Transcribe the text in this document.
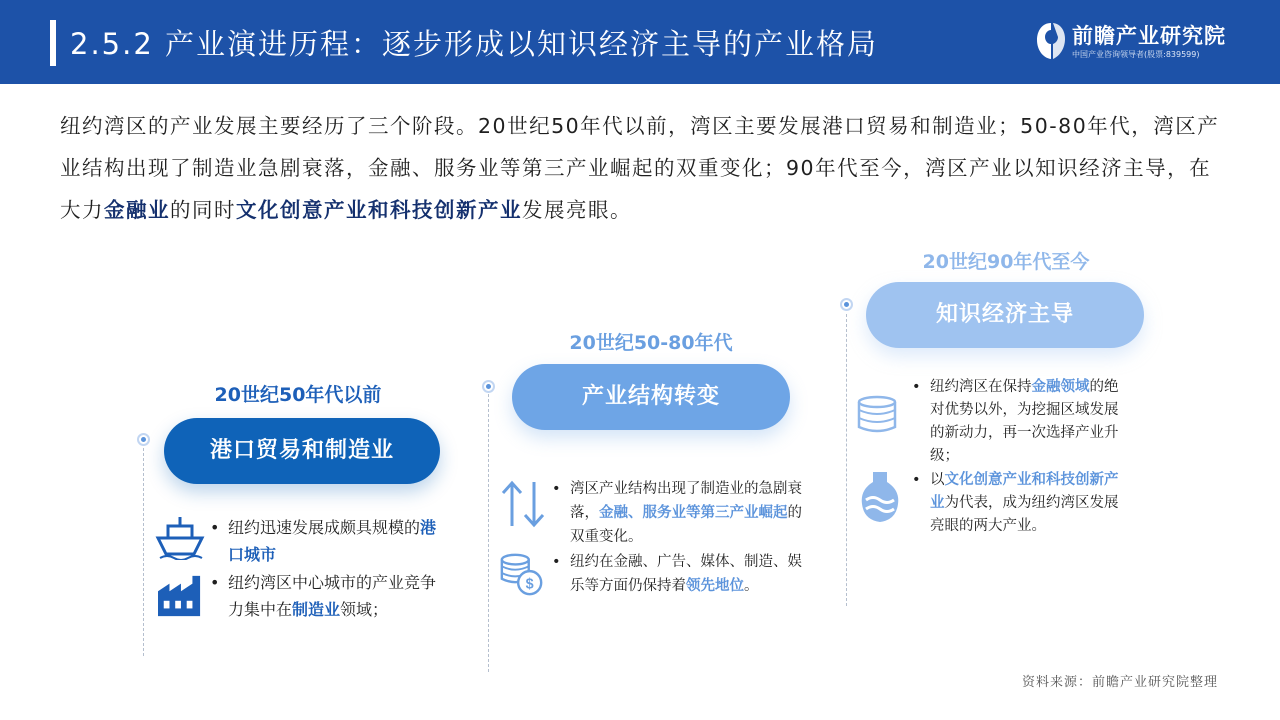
2.5.2 产业演进历程：逐步形成以知识经济主导的产业格局	前瞻产业研究院
中国产业咨询领导者(股票:839599)
纽约湾区的产业发展主要经历了三个阶段。20世纪50年代以前，湾区主要发展港口贸易和制造业；50-80年代，湾区产业结构出现了制造业急剧衰落，金融、服务业等第三产业崛起的双重变化；90年代至今，湾区产业以知识经济主导，在大力金融业的同时文化创意产业和科技创新产业发展亮眼。
20世纪50年代以前
港口贸易和制造业
• 纽约迅速发展成颇具规模的港口城市
• 纽约湾区中心城市的产业竞争力集中在制造业领域；
20世纪50-80年代
产业结构转变
$
• 湾区产业结构出现了制造业的急剧衰落，金融、服务业等第三产业崛起的双重变化。
• 纽约在金融、广告、媒体、制造、娱乐等方面仍保持着领先地位。
20世纪90年代至今
知识经济主导
• 纽约湾区在保持金融领域的绝对优势以外，为挖掘区域发展的新动力，再一次选择产业升级；
• 以文化创意产业和科技创新产业为代表，成为纽约湾区发展亮眼的两大产业。
资料来源：前瞻产业研究院整理
